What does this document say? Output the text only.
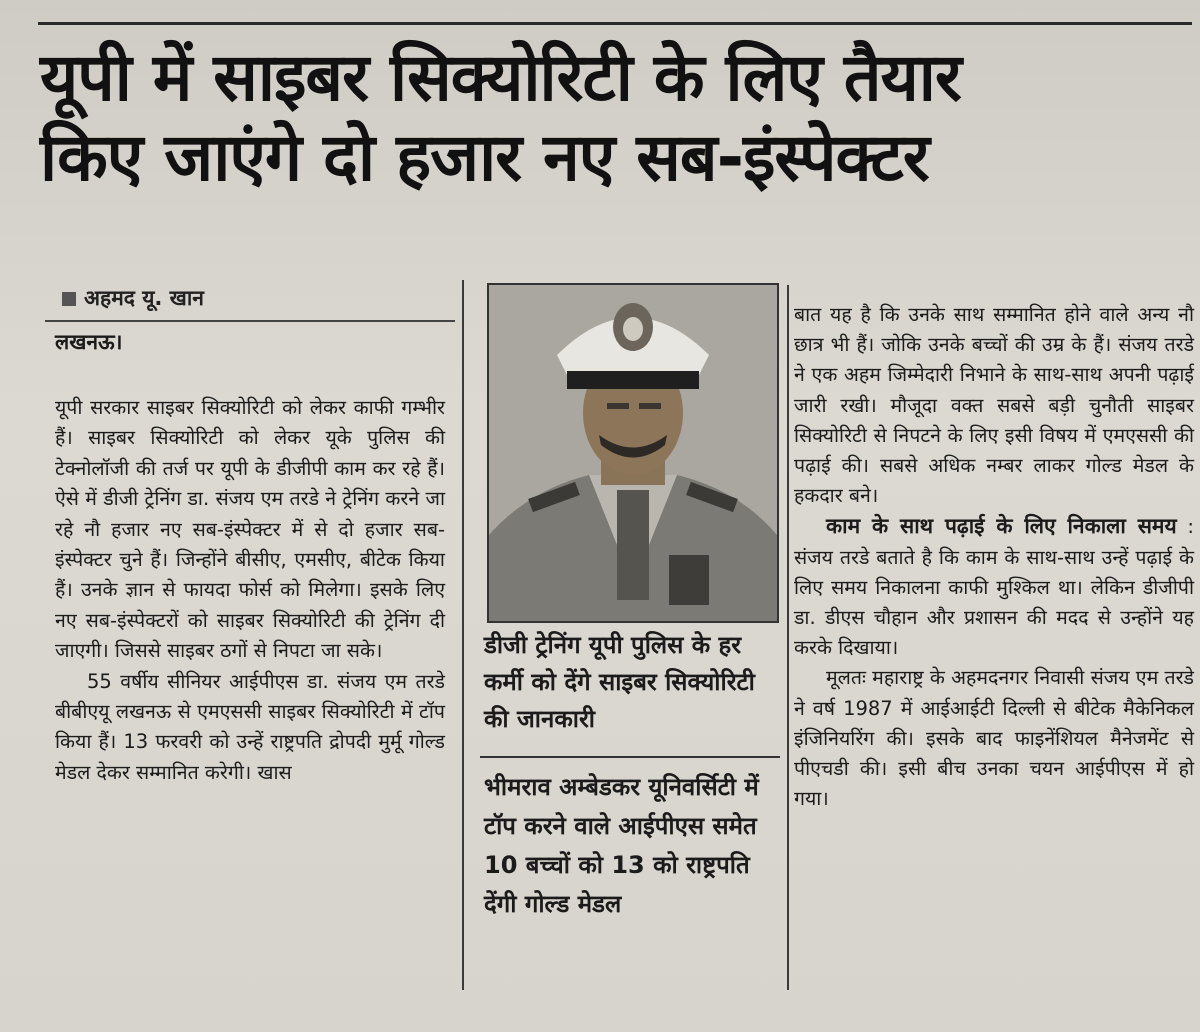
यूपी में साइबर सिक्योरिटी के लिए तैयार
किए जाएंगे दो हजार नए सब-इंस्पेक्टर
अहमद यू. खान
लखनऊ।

यूपी सरकार साइबर सिक्योरिटी को लेकर काफी गम्भीर हैं। साइबर सिक्योरिटी को लेकर यूके पुलिस की टेक्नोलॉजी की तर्ज पर यूपी के डीजीपी काम कर रहे हैं। ऐसे में डीजी ट्रेनिंग डा. संजय एम तरडे ने ट्रेनिंग करने जा रहे नौ हजार नए सब-इंस्पेक्टर में से दो हजार सब-इंस्पेक्टर चुने हैं। जिन्होंने बीसीए, एमसीए, बीटेक किया हैं। उनके ज्ञान से फायदा फोर्स को मिलेगा। इसके लिए नए सब-इंस्पेक्टरों को साइबर सिक्योरिटी की ट्रेनिंग दी जाएगी। जिससे साइबर ठगों से निपटा जा सके।

55 वर्षीय सीनियर आईपीएस डा. संजय एम तरडे बीबीएयू लखनऊ से एमएससी साइबर सिक्योरिटी में टॉप किया हैं। 13 फरवरी को उन्हें राष्ट्रपति द्रोपदी मुर्मू गोल्ड मेडल देकर सम्मानित करेगी। खास

डीजी ट्रेनिंग यूपी पुलिस के हर कर्मी को देंगे साइबर सिक्योरिटी की जानकारी
भीमराव अम्बेडकर यूनिवर्सिटी में टॉप करने वाले आईपीएस समेत 10 बच्चों को 13 को राष्ट्रपति देंगी गोल्ड मेडल

बात यह है कि उनके साथ सम्मानित होने वाले अन्य नौ छात्र भी हैं। जोकि उनके बच्चों की उम्र के हैं। संजय तरडे ने एक अहम जिम्मेदारी निभाने के साथ-साथ अपनी पढ़ाई जारी रखी। मौजूदा वक्त सबसे बड़ी चुनौती साइबर सिक्योरिटी से निपटने के लिए इसी विषय में एमएससी की पढ़ाई की। सबसे अधिक नम्बर लाकर गोल्ड मेडल के हकदार बने।

काम के साथ पढ़ाई के लिए निकाला समय : संजय तरडे बताते है कि काम के साथ-साथ उन्हें पढ़ाई के लिए समय निकालना काफी मुश्किल था। लेकिन डीजीपी डा. डीएस चौहान और प्रशासन की मदद से उन्होंने यह करके दिखाया।

मूलतः महाराष्ट्र के अहमदनगर निवासी संजय एम तरडे ने वर्ष 1987 में आईआईटी दिल्ली से बीटेक मैकेनिकल इंजिनियरिंग की। इसके बाद फाइनेंशियल मैनेजमेंट से पीएचडी की। इसी बीच उनका चयन आईपीएस में हो गया।
